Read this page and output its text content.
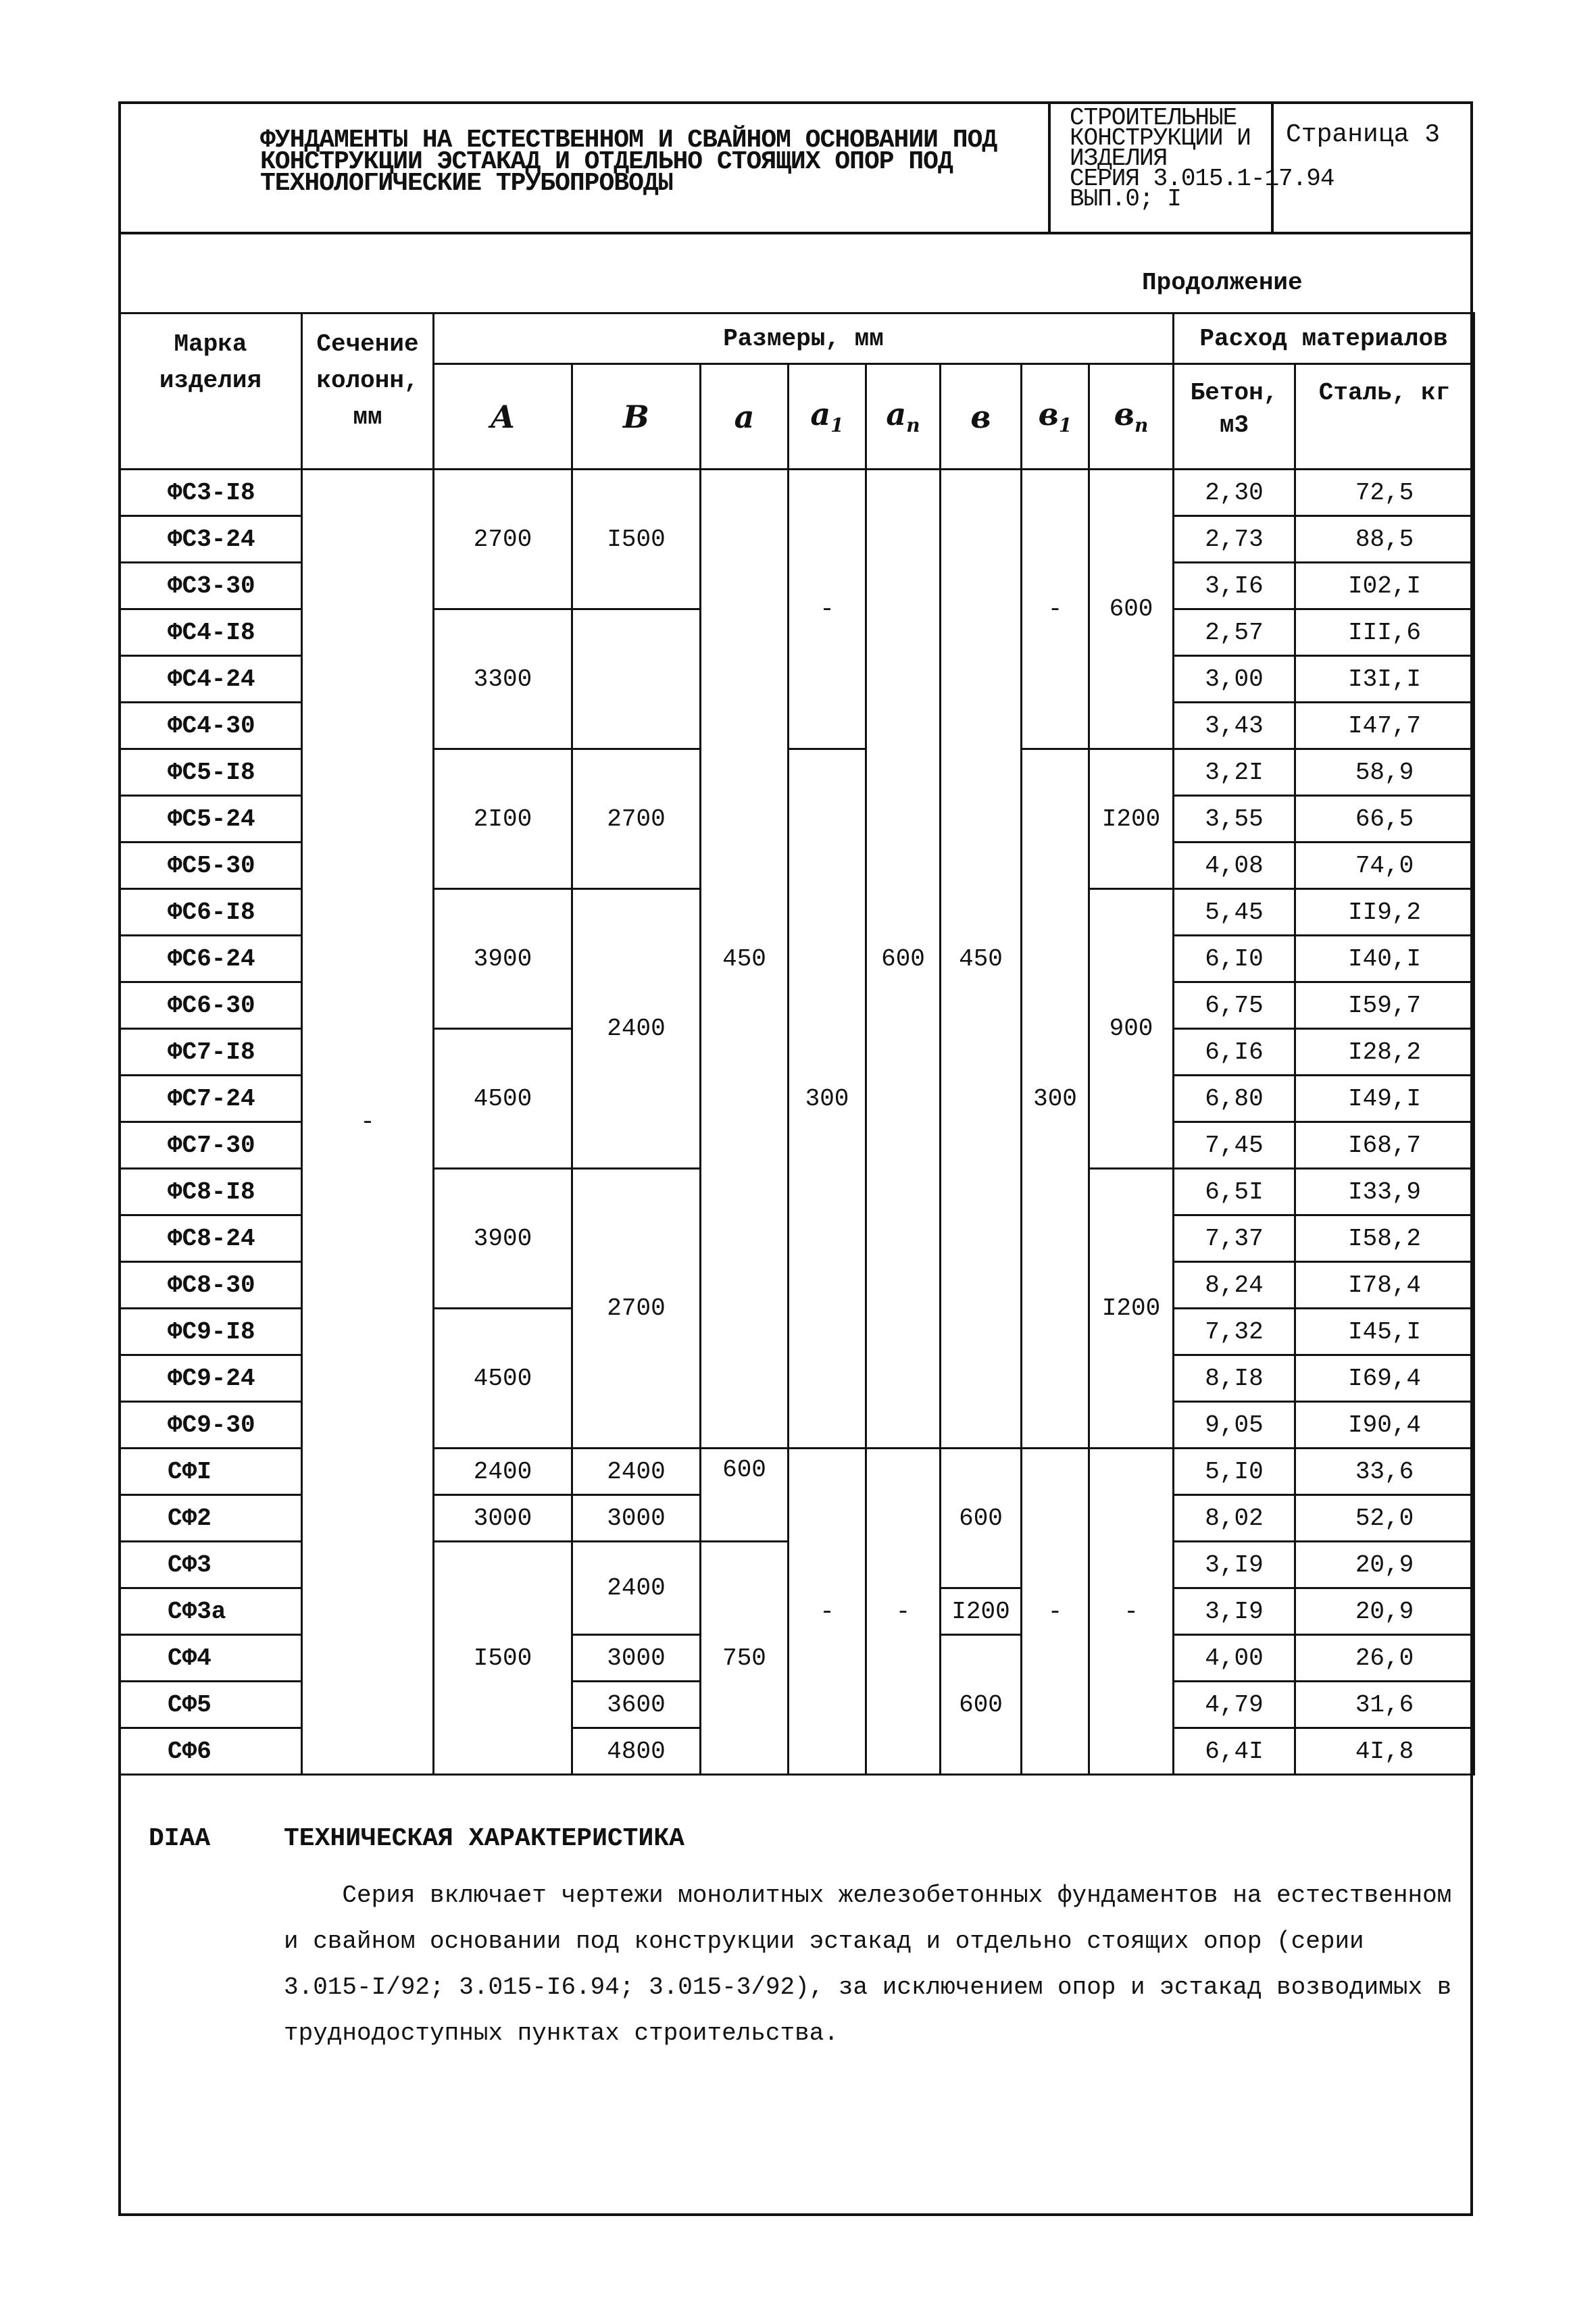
ФУНДАМЕНТЫ НА ЕСТЕСТВЕННОМ И СВАЙНОМ ОСНОВАНИИ ПОД
КОНСТРУКЦИИ ЭСТАКАД И ОТДЕЛЬНО СТОЯЩИХ ОПОР ПОД
ТЕХНОЛОГИЧЕСКИЕ ТРУБОПРОВОДЫ
СТРОИТЕЛЬНЫЕ
КОНСТРУКЦИИ И
ИЗДЕЛИЯ
СЕРИЯ 3.015.1-17.94
ВЫП.0; I
Страница 3
Продолжение
Марка изделия	Сечение колонн, мм	Размеры, мм								Расход материалов	
		A	B	a	$a_1$	$a_п$	в	$в_1$	$в_п$	Бетон, м3	Сталь, кг
ФС3-I8	-	2700	I500	450	-	600	450	-	600	2,30	72,5
ФС3-24										2,73	88,5
ФС3-30										3,I6	I02,I
ФС4-I8		3300								2,57	III,6
ФС4-24										3,00	I3I,I
ФС4-30										3,43	I47,7
ФС5-I8		2I00	2700		300			300	I200	3,2I	58,9
ФС5-24										3,55	66,5
ФС5-30										4,08	74,0
ФС6-I8		3900	2400						900	5,45	II9,2
ФС6-24										6,I0	I40,I
ФС6-30										6,75	I59,7
ФС7-I8		4500								6,I6	I28,2
ФС7-24										6,80	I49,I
ФС7-30										7,45	I68,7
ФС8-I8		3900	2700						I200	6,5I	I33,9
ФС8-24										7,37	I58,2
ФС8-30										8,24	I78,4
ФС9-I8		4500								7,32	I45,I
ФС9-24										8,I8	I69,4
ФС9-30										9,05	I90,4
СФI		2400	2400	600	-	-	600	-	-	5,I0	33,6
СФ2		3000	3000							8,02	52,0
СФ3		I500	2400	750						3,I9	20,9
СФ3а							I200			3,I9	20,9
СФ4			3000				600			4,00	26,0
СФ5			3600							4,79	31,6
СФ6			4800							6,4I	4I,8
DIAA	ТЕХНИЧЕСКАЯ ХАРАКТЕРИСТИКА
Серия включает чертежи монолитных железобетонных фундаментов на естественном
и свайном основании под конструкции эстакад и отдельно стоящих опор (серии
3.015-I/92; 3.015-I6.94; 3.015-3/92), за исключением опор и эстакад возводимых в
труднодоступных пунктах строительства.
